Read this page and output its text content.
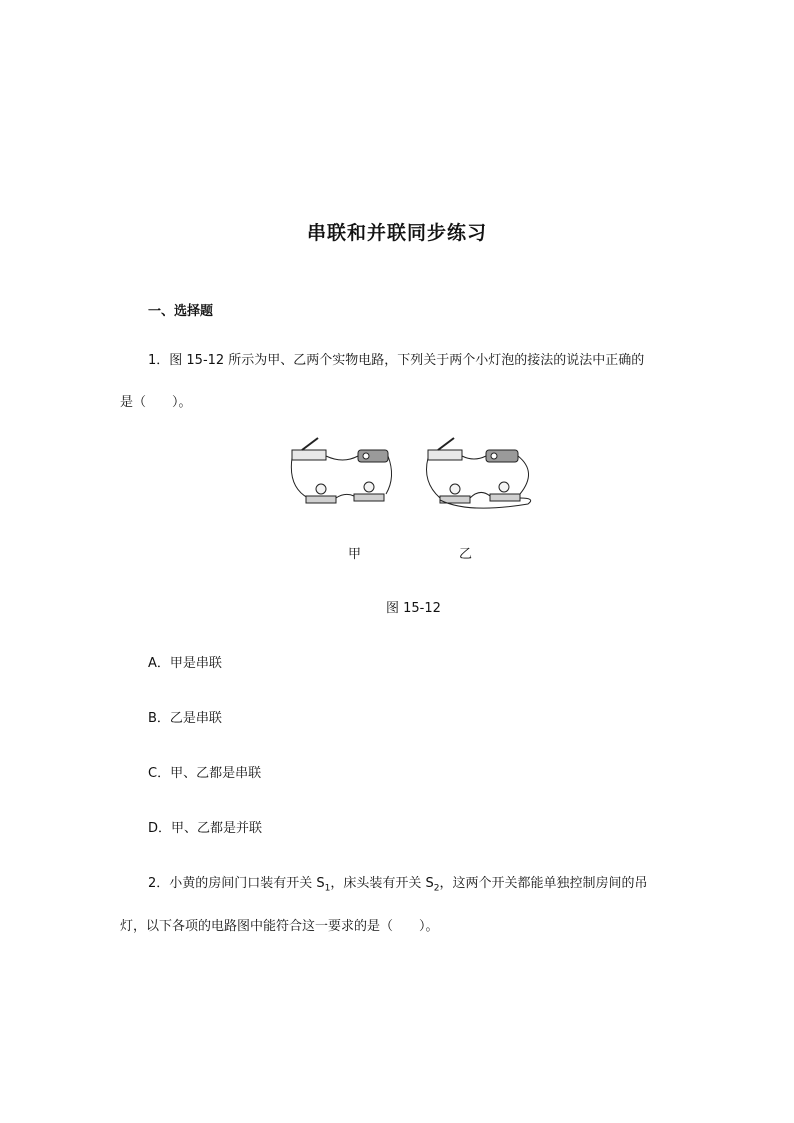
串联和并联同步练习
一、选择题
1．图 15-12 所示为甲、乙两个实物电路，下列关于两个小灯泡的接法的说法中正确的
是（　　）。
甲	乙
图 15-12
A．甲是串联
B．乙是串联
C．甲、乙都是串联
D．甲、乙都是并联
2．小黄的房间门口装有开关 $S_1$，床头装有开关 $S_2$，这两个开关都能单独控制房间的吊
灯，以下各项的电路图中能符合这一要求的是（　　）。
